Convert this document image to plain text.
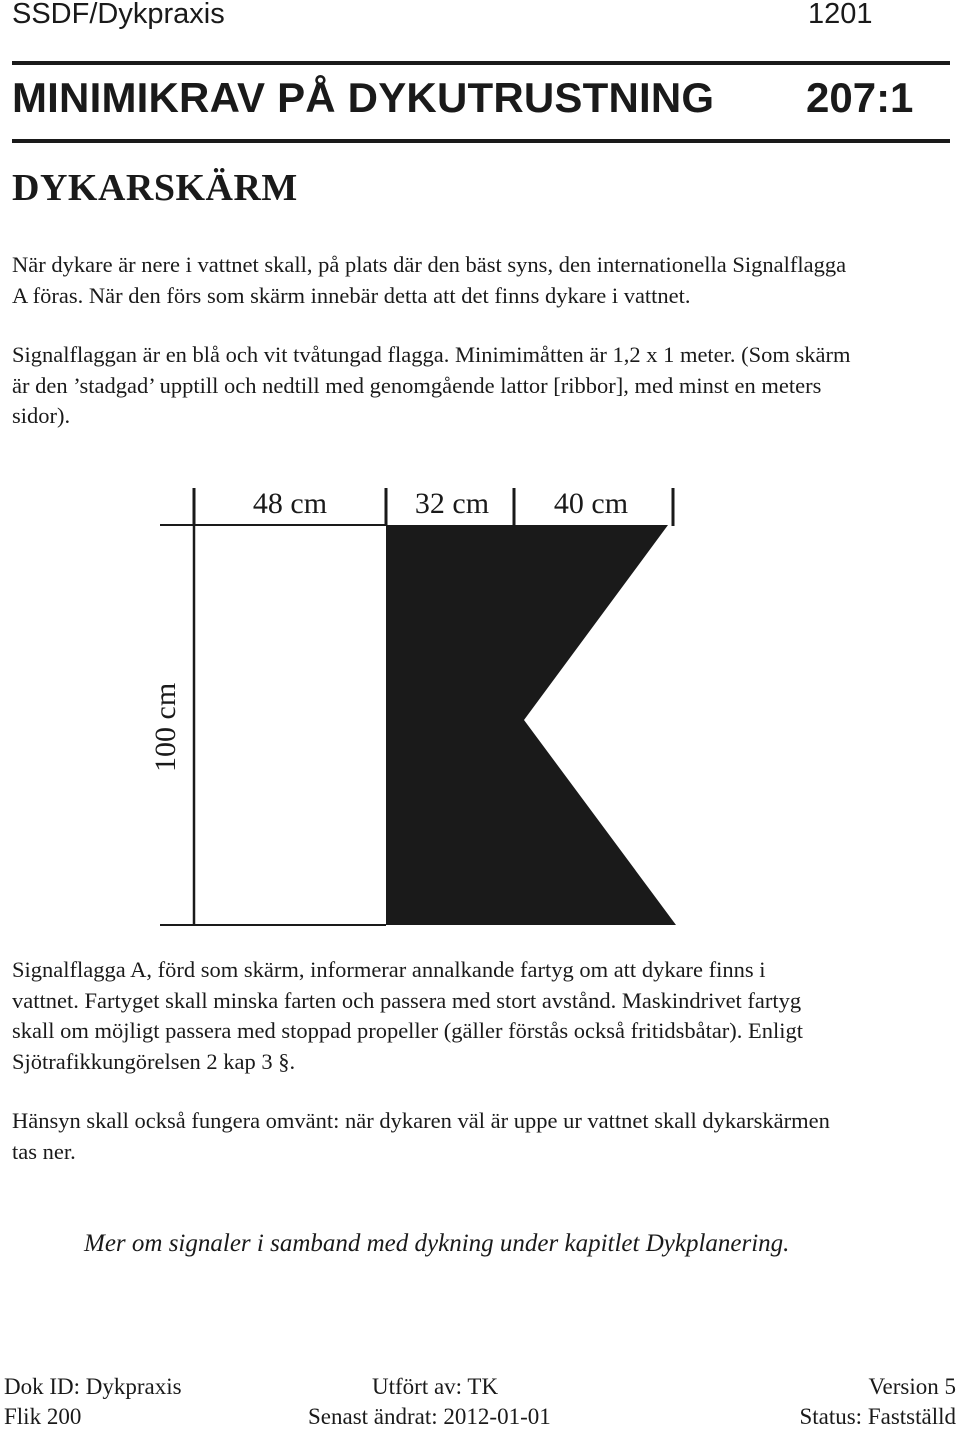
SSDF/Dykpraxis	1201
MINIMIKRAV PÅ DYKUTRUSTNING 207:1
DYKARSKÄRM
När dykare är nere i vattnet skall, på plats där den bäst syns, den internationella Signalflagga
A föras. När den förs som skärm innebär detta att det finns dykare i vattnet.
Signalflaggan är en blå och vit tvåtungad flagga. Minimimåtten är 1,2 x 1 meter. (Som skärm
är den ’stadgad’ upptill och nedtill med genomgående lattor [ribbor], med minst en meters
sidor).
48 cm	32 cm 40 cm
100 cm
Signalflagga A, förd som skärm, informerar annalkande fartyg om att dykare finns i
vattnet. Fartyget skall minska farten och passera med stort avstånd. Maskindrivet fartyg
skall om möjligt passera med stoppad propeller (gäller förstås också fritidsbåtar). Enligt
Sjötrafikkungörelsen 2 kap 3 §.
Hänsyn skall också fungera omvänt: när dykaren väl är uppe ur vattnet skall dykarskärmen
tas ner.
Mer om signaler i samband med dykning under kapitlet Dykplanering.
Dok ID: Dykpraxis	Utfört av: TK	Version 5
Flik 200	Senast ändrat: 2012-01-01	Status: Fastställd
